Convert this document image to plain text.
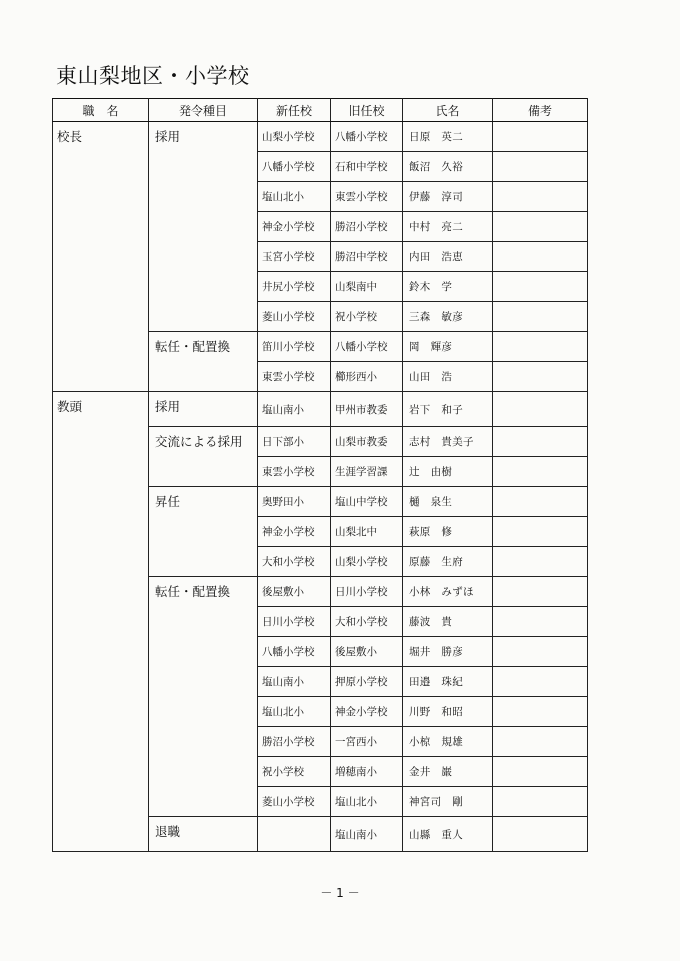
東山梨地区・小学校
職　名	発令種目	新任校	旧任校	氏名	備考
校長	採用	山梨小学校	八幡小学校	日原　英二	
		八幡小学校	石和中学校	飯沼　久裕	
		塩山北小	東雲小学校	伊藤　淳司	
		神金小学校	勝沼小学校	中村　亮二	
		玉宮小学校	勝沼中学校	内田　浩恵	
		井尻小学校	山梨南中	鈴木　学	
		菱山小学校	祝小学校	三森　敏彦	
	転任・配置換	笛川小学校	八幡小学校	岡　輝彦	
		東雲小学校	櫛形西小	山田　浩	
教頭	採用	塩山南小	甲州市教委	岩下　和子	
	交流による採用	日下部小	山梨市教委	志村　貴美子	
		東雲小学校	生涯学習課	辻　由樹	
	昇任	奥野田小	塩山中学校	樋　泉生	
		神金小学校	山梨北中	萩原　修	
		大和小学校	山梨小学校	原藤　生府	
	転任・配置換	後屋敷小	日川小学校	小林　みずほ	
		日川小学校	大和小学校	藤波　貴	
		八幡小学校	後屋敷小	堀井　勝彦	
		塩山南小	押原小学校	田邉　珠紀	
		塩山北小	神金小学校	川野　和昭	
		勝沼小学校	一宮西小	小椋　規雄	
		祝小学校	増穂南小	金井　巌	
		菱山小学校	塩山北小	神宮司　剛	
	退職		塩山南小	山縣　重人	
－ 1 －
